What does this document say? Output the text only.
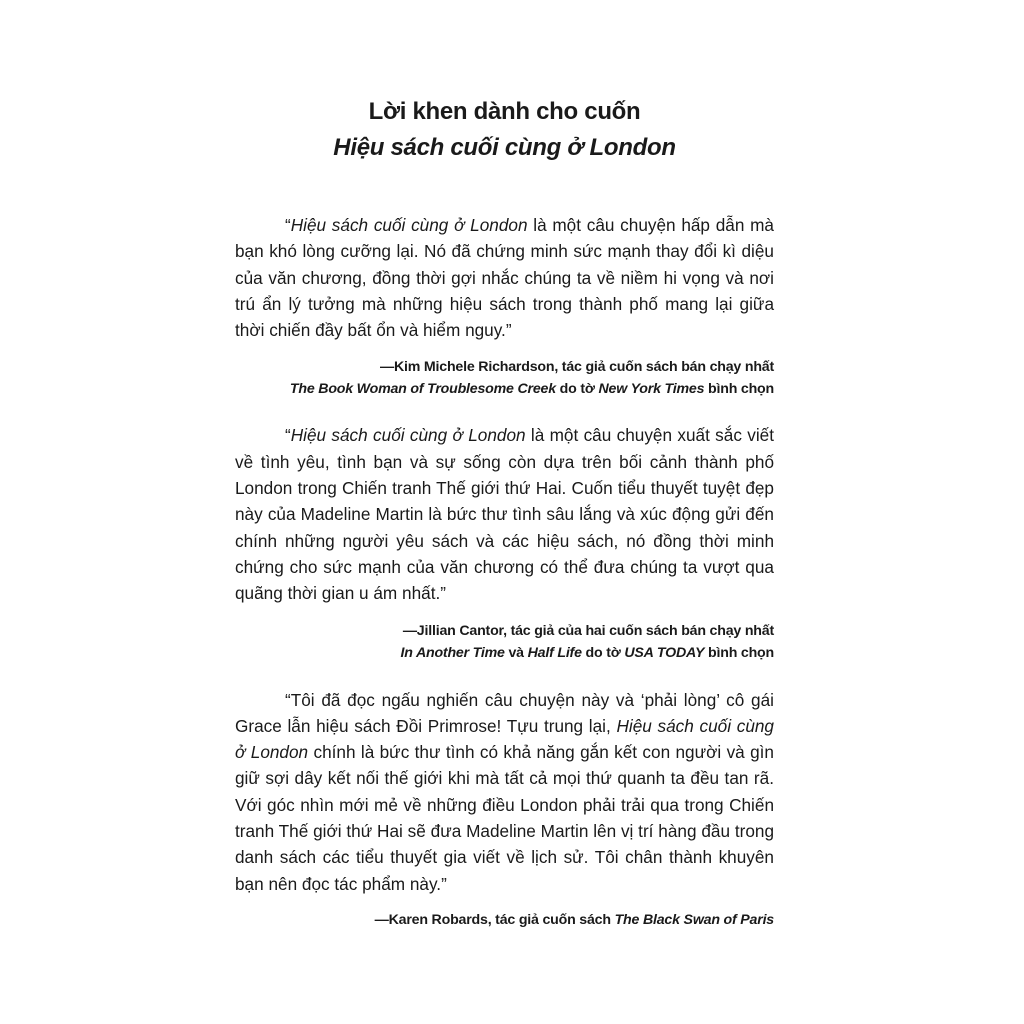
Lời khen dành cho cuốn
Hiệu sách cuối cùng ở London

“Hiệu sách cuối cùng ở London là một câu chuyện hấp dẫn mà bạn khó lòng cưỡng lại. Nó đã chứng minh sức mạnh thay đổi kì diệu của văn chương, đồng thời gợi nhắc chúng ta về niềm hi vọng và nơi trú ẩn lý tưởng mà những hiệu sách trong thành phố mang lại giữa thời chiến đầy bất ổn và hiểm nguy.”

—Kim Michele Richardson, tác giả cuốn sách bán chạy nhất
The Book Woman of Troublesome Creek do tờ New York Times bình chọn

“Hiệu sách cuối cùng ở London là một câu chuyện xuất sắc viết về tình yêu, tình bạn và sự sống còn dựa trên bối cảnh thành phố London trong Chiến tranh Thế giới thứ Hai. Cuốn tiểu thuyết tuyệt đẹp này của Madeline Martin là bức thư tình sâu lắng và xúc động gửi đến chính những người yêu sách và các hiệu sách, nó đồng thời minh chứng cho sức mạnh của văn chương có thể đưa chúng ta vượt qua quãng thời gian u ám nhất.”

—Jillian Cantor, tác giả của hai cuốn sách bán chạy nhất
In Another Time và Half Life do tờ USA TODAY bình chọn

“Tôi đã đọc ngấu nghiến câu chuyện này và ‘phải lòng’ cô gái Grace lẫn hiệu sách Đồi Primrose! Tựu trung lại, Hiệu sách cuối cùng ở London chính là bức thư tình có khả năng gắn kết con người và gìn giữ sợi dây kết nối thế giới khi mà tất cả mọi thứ quanh ta đều tan rã. Với góc nhìn mới mẻ về những điều London phải trải qua trong Chiến tranh Thế giới thứ Hai sẽ đưa Madeline Martin lên vị trí hàng đầu trong danh sách các tiểu thuyết gia viết về lịch sử. Tôi chân thành khuyên bạn nên đọc tác phẩm này.”

—Karen Robards, tác giả cuốn sách The Black Swan of Paris
